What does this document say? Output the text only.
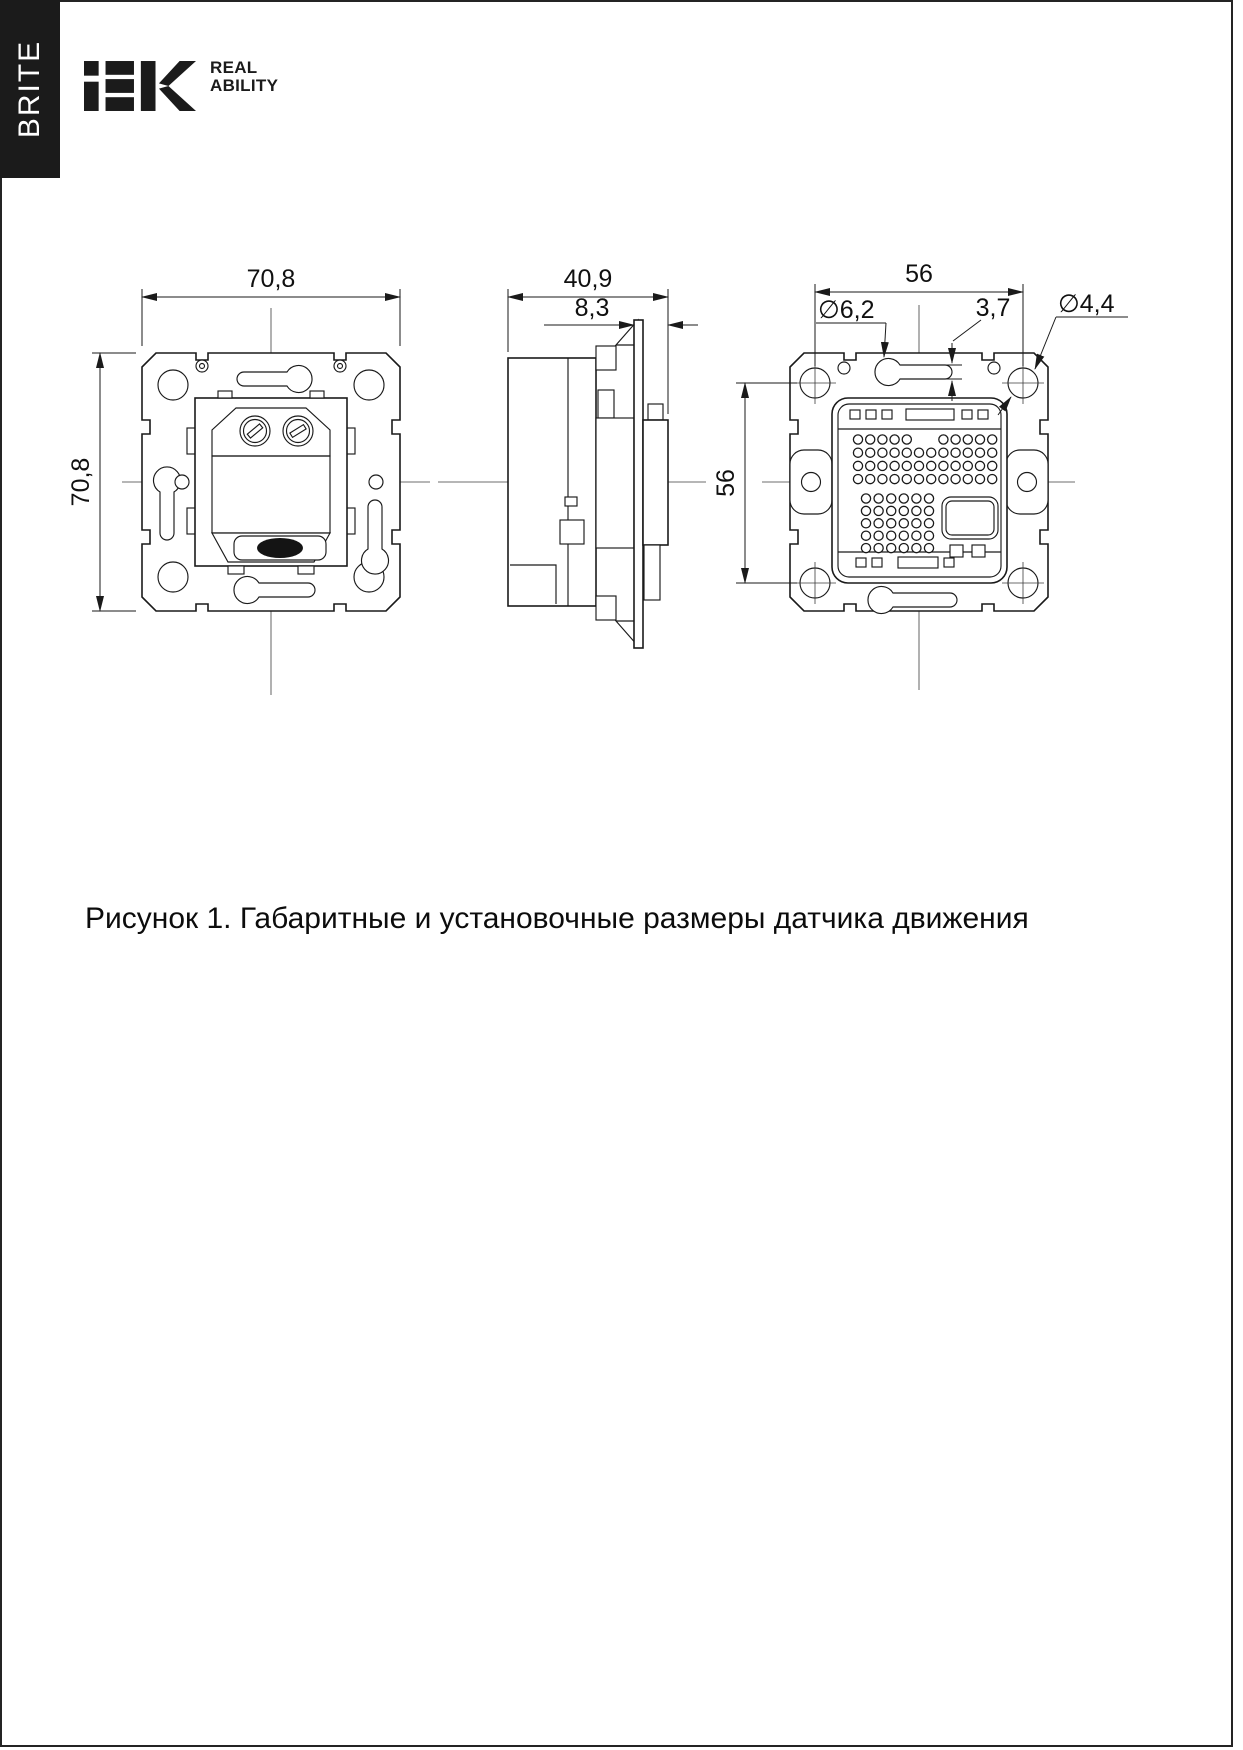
BRITE	REAL
ABILITY
70,8
70,8
40,9
8,3
56
56
∅6,2	3,7 ∅4,4
Рисунок 1. Габаритные и установочные размеры датчика движения
